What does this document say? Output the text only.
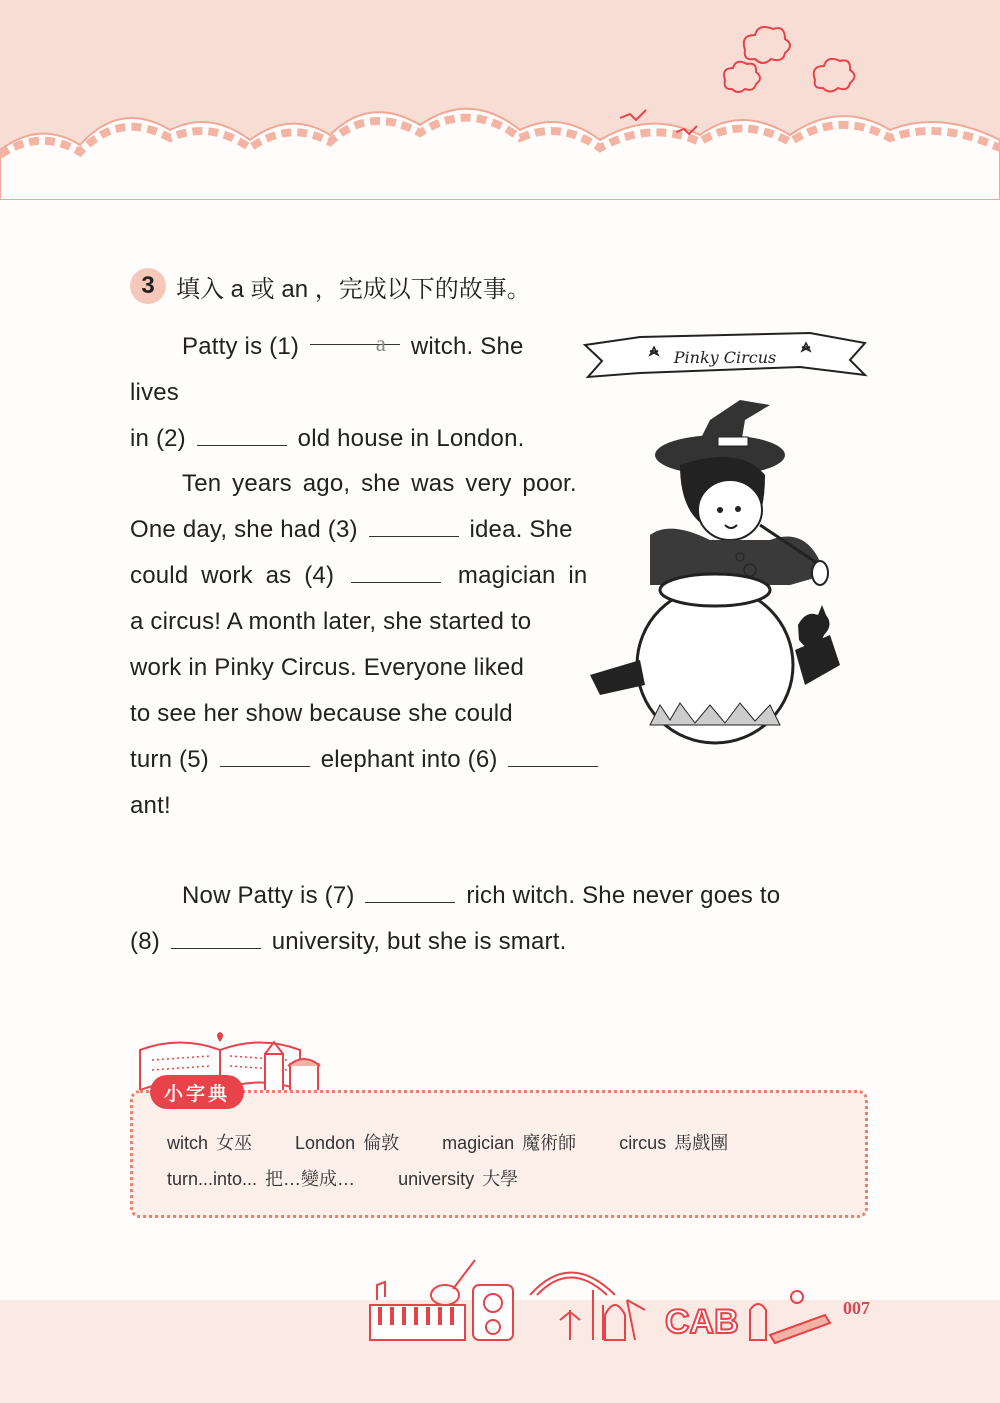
3 填入 a 或 an ，完成以下的故事。
Patty is (1)	a witch. She lives
in (2)	old house in London.
Ten years ago, she was very poor.
One day, she had (3)	idea. She
could work as (4)	magician in
a circus! A month later, she started to
work in Pinky Circus. Everyone liked
to see her show because she could
turn (5)	elephant into (6)
ant!
Now Patty is (7)	rich witch. She never goes to
(8)	university, but she is smart.
Pinky Circus
witch 女巫 London 倫敦 magician 魔術師 circus 馬戲團
turn...into... 把…變成… university 大學
小字典
CAB	007
